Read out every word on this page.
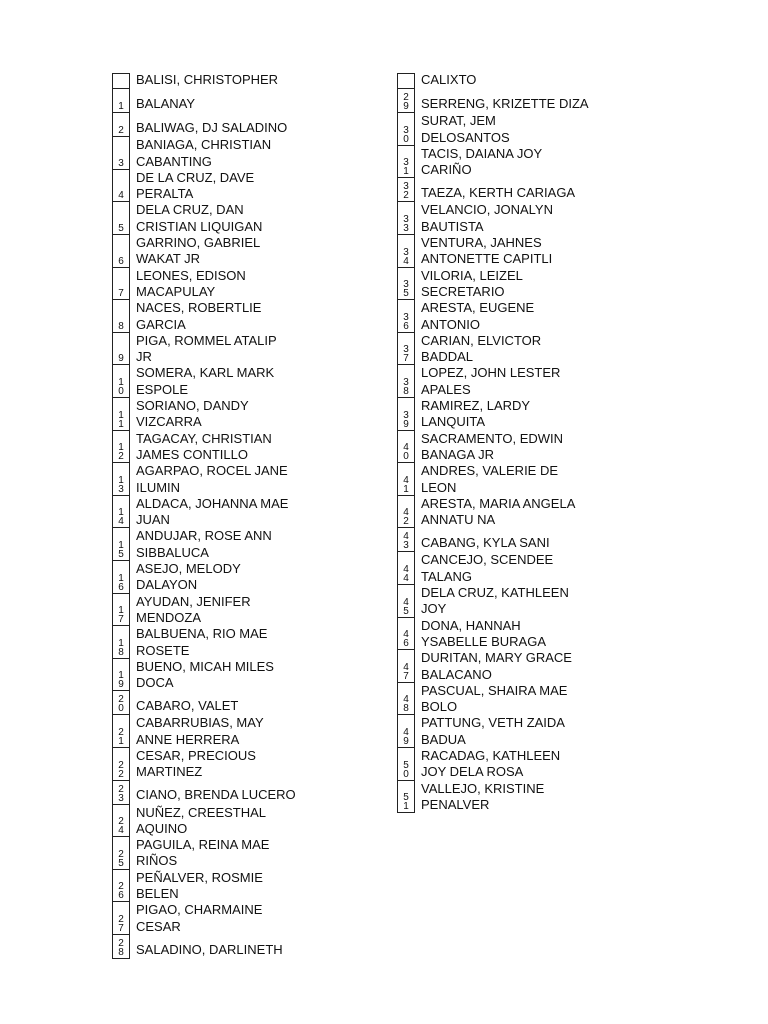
BALISI, CHRISTOPHER
1 BALANAY
2 BALIWAG, DJ SALADINO
3
BANIAGA, CHRISTIAN
CABANTING
4
DE LA CRUZ, DAVE
PERALTA
5
DELA CRUZ, DAN
CRISTIAN LIQUIGAN
6
GARRINO, GABRIEL
WAKAT JR
7
LEONES, EDISON
MACAPULAY
8
NACES, ROBERTLIE
GARCIA
9
PIGA, ROMMEL ATALIP
JR
10
SOMERA, KARL MARK
ESPOLE
11
SORIANO, DANDY
VIZCARRA
12
TAGACAY, CHRISTIAN
JAMES CONTILLO
13
AGARPAO, ROCEL JANE
ILUMIN
14
ALDACA, JOHANNA MAE
JUAN
15
ANDUJAR, ROSE ANN
SIBBALUCA
16
ASEJO, MELODY
DALAYON
17
AYUDAN, JENIFER
MENDOZA
18
BALBUENA, RIO MAE
ROSETE
19
BUENO, MICAH MILES
DOCA
20 CABARO, VALET
21
CABARRUBIAS, MAY
ANNE HERRERA
22
CESAR, PRECIOUS
MARTINEZ
23 CIANO, BRENDA LUCERO
24
NUÑEZ, CREESTHAL
AQUINO
25
PAGUILA, REINA MAE
RIÑOS
26
PEÑALVER, ROSMIE
BELEN
27
PIGAO, CHARMAINE
CESAR
28 SALADINO, DARLINETH
CALIXTO
29 SERRENG, KRIZETTE DIZA
30
SURAT, JEM
DELOSANTOS
31
TACIS, DAIANA JOY
CARIÑO
32 TAEZA, KERTH CARIAGA
33
VELANCIO, JONALYN
BAUTISTA
34
VENTURA, JAHNES
ANTONETTE CAPITLI
35
VILORIA, LEIZEL
SECRETARIO
36
ARESTA, EUGENE
ANTONIO
37
CARIAN, ELVICTOR
BADDAL
38
LOPEZ, JOHN LESTER
APALES
39
RAMIREZ, LARDY
LANQUITA
40
SACRAMENTO, EDWIN
BANAGA JR
41
ANDRES, VALERIE DE
LEON
42
ARESTA, MARIA ANGELA
ANNATU NA
43 CABANG, KYLA SANI
44
CANCEJO, SCENDEE
TALANG
45
DELA CRUZ, KATHLEEN
JOY
46
DONA, HANNAH
YSABELLE BURAGA
47
DURITAN, MARY GRACE
BALACANO
48
PASCUAL, SHAIRA MAE
BOLO
49
PATTUNG, VETH ZAIDA
BADUA
50
RACADAG, KATHLEEN
JOY DELA ROSA
51
VALLEJO, KRISTINE
PENALVER
